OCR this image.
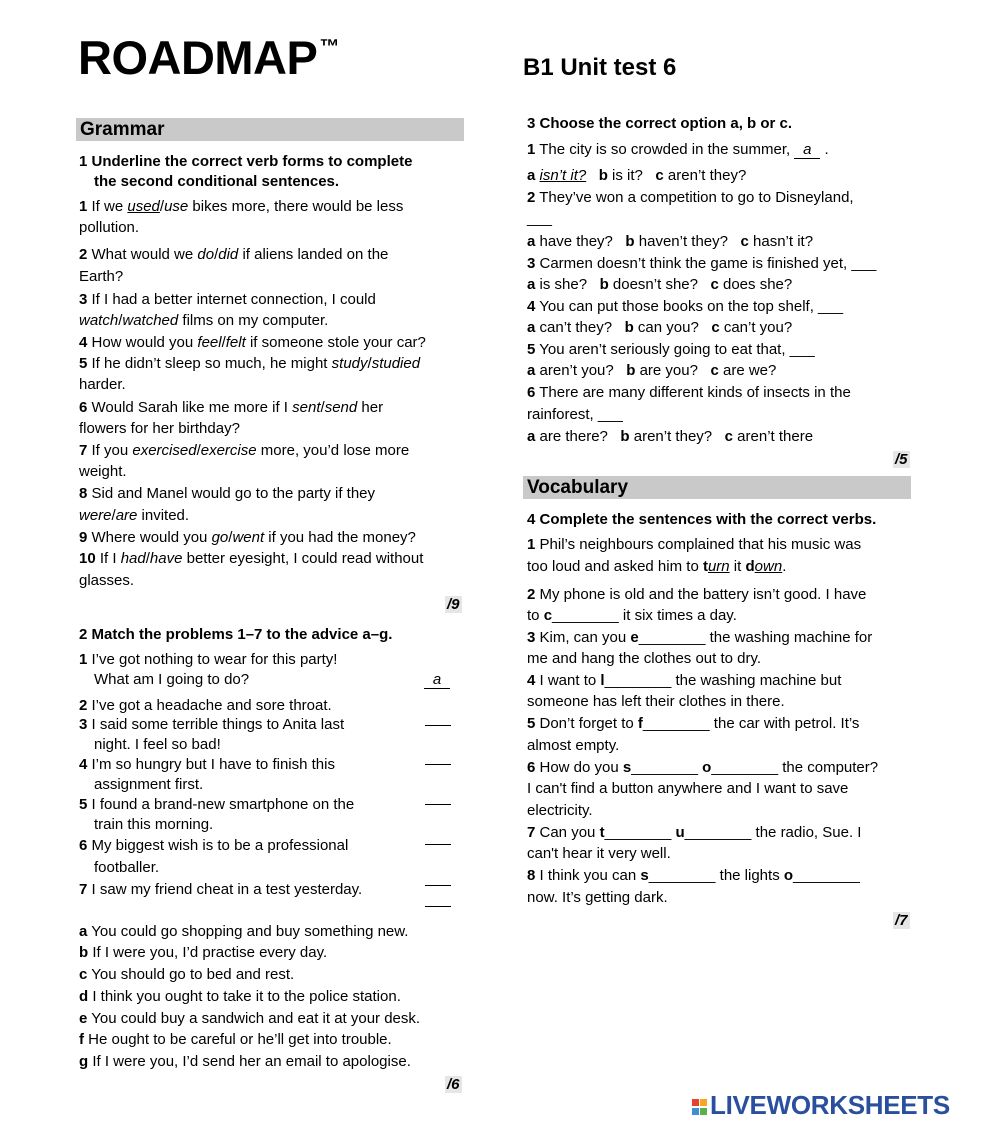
ROADMAP ™
B1 Unit test 6
Grammar
1 Underline the correct verb forms to complete
the second conditional sentences.
1 If we used/use bikes more, there would be less
pollution.
2 What would we do/did if aliens landed on the
Earth?
3 If I had a better internet connection, I could
watch/watched films on my computer.
4 How would you feel/felt if someone stole your car?
5 If he didn’t sleep so much, he might study/studied
harder.
6 Would Sarah like me more if I sent/send her
flowers for her birthday?
7 If you exercised/exercise more, you’d lose more
weight.
8 Sid and Manel would go to the party if they
were/are invited.
9 Where would you go/went if you had the money?
10 If I had/have better eyesight, I could read without
glasses.
/9
2 Match the problems 1–7 to the advice a–g.
1 I’ve got nothing to wear for this party!
What am I going to do?	a
2 I’ve got a headache and sore throat.
3 I said some terrible things to Anita last
night. I feel so bad!
4 I’m so hungry but I have to finish this
assignment first.
5 I found a brand-new smartphone on the
train this morning.
6 My biggest wish is to be a professional
footballer.
7 I saw my friend cheat in a test yesterday.
a You could go shopping and buy something new.
b If I were you, I’d practise every day.
c You should go to bed and rest.
d I think you ought to take it to the police station.
e You could buy a sandwich and eat it at your desk.
f He ought to be careful or he’ll get into trouble.
g If I were you, I’d send her an email to apologise.
/6
3 Choose the correct option a, b or c.
1 The city is so crowded in the summer, a .
a isn’t it? b is it? c aren’t they?
2 They’ve won a competition to go to Disneyland,
___
a have they? b haven’t they? c hasn’t it?
3 Carmen doesn’t think the game is finished yet, ___
a is she? b doesn’t she? c does she?
4 You can put those books on the top shelf, ___
a can’t they? b can you? c can’t you?
5 You aren’t seriously going to eat that, ___
a aren’t you? b are you? c are we?
6 There are many different kinds of insects in the
rainforest, ___
a are there? b aren’t they? c aren’t there
/5
Vocabulary
4 Complete the sentences with the correct verbs.
1 Phil’s neighbours complained that his music was
too loud and asked him to turn it down.
2 My phone is old and the battery isn’t good. I have
to c________ it six times a day.
3 Kim, can you e________ the washing machine for
me and hang the clothes out to dry.
4 I want to l________ the washing machine but
someone has left their clothes in there.
5 Don’t forget to f________ the car with petrol. It’s
almost empty.
6 How do you s________ o________ the computer?
I can't find a button anywhere and I want to save
electricity.
7 Can you t________ u________ the radio, Sue. I
can't hear it very well.
8 I think you can s________ the lights o________
now. It’s getting dark.
/7

LIVEWORKSHEETS
